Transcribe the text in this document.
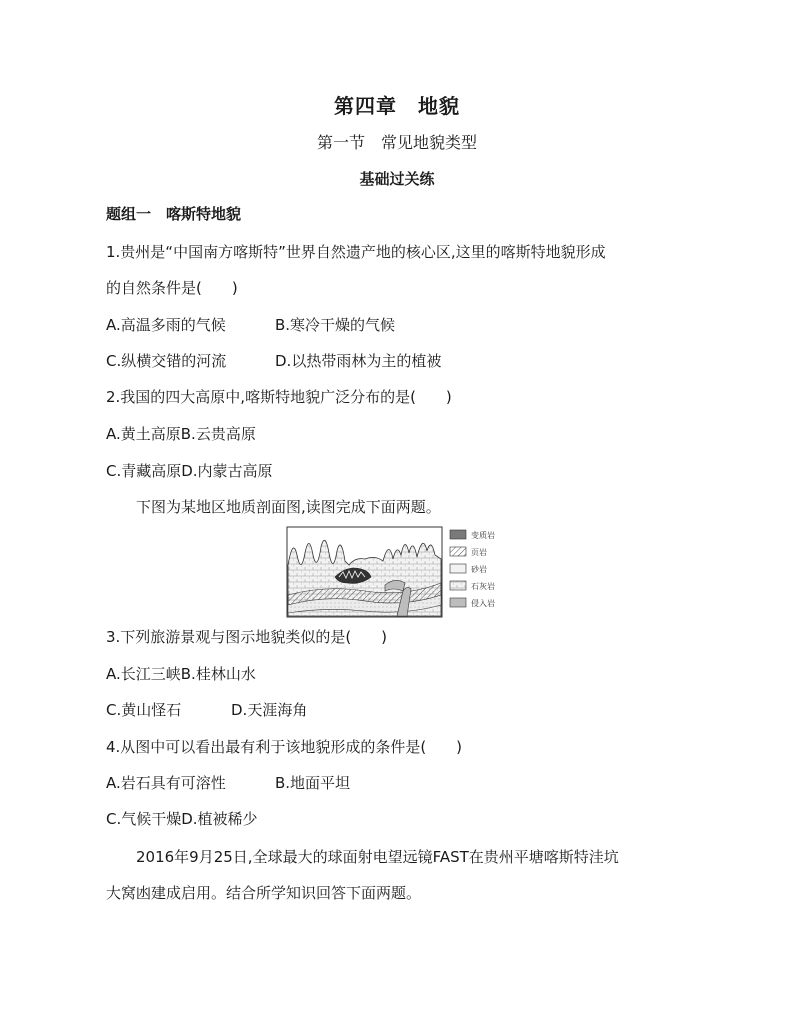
第四章　地貌
第一节　常见地貌类型
基础过关练
题组一　喀斯特地貌
1.贵州是“中国南方喀斯特”世界自然遗产地的核心区,这里的喀斯特地貌形成
的自然条件是(　　)
A.高温多雨的气候	B.寒冷干燥的气候
C.纵横交错的河流	D.以热带雨林为主的植被
2.我国的四大高原中,喀斯特地貌广泛分布的是(　　)
A.黄土高原B.云贵高原
C.青藏高原D.内蒙古高原
下图为某地区地质剖面图,读图完成下面两题。
变质岩
页岩
砂岩
石灰岩
侵入岩
3.下列旅游景观与图示地貌类似的是(　　)
A.长江三峡B.桂林山水
C.黄山怪石	D.天涯海角
4.从图中可以看出最有利于该地貌形成的条件是(　　)
A.岩石具有可溶性	B.地面平坦
C.气候干燥D.植被稀少
2016年9月25日,全球最大的球面射电望远镜FAST在贵州平塘喀斯特洼坑
大窝凼建成启用。结合所学知识回答下面两题。
